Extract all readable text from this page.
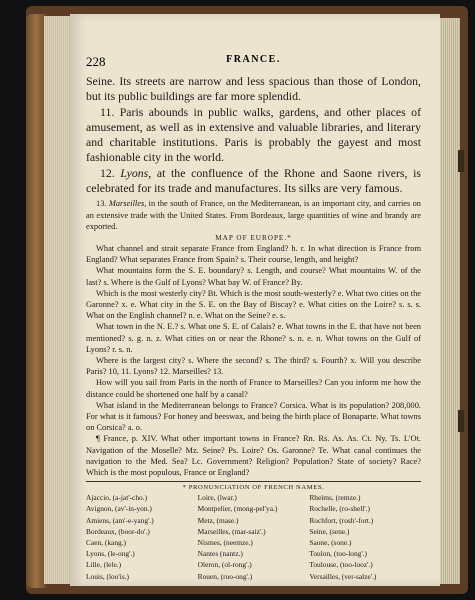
228	FRANCE.

Seine. Its streets are narrow and less spacious than those of London, but its public buildings are far more splendid.

11. Paris abounds in public walks, gardens, and other places of amusement, as well as in extensive and valuable libraries, and literary and charitable institutions. Paris is probably the gayest and most fashionable city in the world.

12. Lyons, at the confluence of the Rhone and Saone rivers, is celebrated for its trade and manufactures. Its silks are very famous.

13. Marseilles, in the south of France, on the Mediterranean, is an important city, and carries on an extensive trade with the United States. From Bordeaux, large quantities of wine and brandy are exported.

MAP OF EUROPE.*

What channel and strait separate France from England? h. r. In what direction is France from England? What separates France from Spain? s. Their course, length, and height?

What mountains form the S. E. boundary? s. Length, and course? What mountains W. of the last? s. Where is the Gulf of Lyons? What bay W. of France? By.

Which is the most westerly city? Bt. Which is the most south-westerly? e. What two cities on the Garonne? x. e. What city in the S. E. on the Bay of Biscay? e. What cities on the Loire? s. s. s. What on the English channel? n. e. What on the Seine? e. s.

What town in the N. E.? s. What one S. E. of Calais? e. What towns in the E. that have not been mentioned? s. g. n. z. What cities on or near the Rhone? s. n. e. n. What towns on the Gulf of Lyons? r. s. n.

Where is the largest city? s. Where the second? s. The third? s. Fourth? x. Will you describe Paris? 10, 11. Lyons? 12. Marseilles? 13.

How will you sail from Paris in the north of France to Marseilles? Can you inform me how the distance could be shortened one half by a canal?

What island in the Mediterranean belongs to France? Corsica. What is its population? 208,000. For what is it famous? For honey and beeswax, and being the birth place of Bonaparte. What towns on Corsica? a. o.

¶ France, p. XIV. What other important towns in France? Rn. Rs. As. As. Ct. Ny. Ts. L'Ot. Navigation of the Moselle? Mz. Seine? Ps. Loire? Os. Garonne? Te. What canal continues the navigation to the Med. Sea? Lc. Government? Religion? Population? State of society? Race? Which is the most populous, France or England?

* PRONUNCIATION OF FRENCH NAMES.
Ajaccio, (a-jat'-cho.)
Avignon, (av'-in-yon.)
Amiens, (am'-e-yang'.)
Bordeaux, (boor-do'.)
Caen, (kang.)
Lyons, (le-ong'.)
Lille, (lele.)
Louis, (loo'is.)
Loire, (lwar.)
Montpelier, (mong-pel'ya.)
Metz, (mase.)
Marseilles, (mar-saiz'.)
Nismes, (neemze.)
Nantes (nantz.)
Oleron, (ol-rong'.)
Rouen, (roo-ong'.)
Rheims, (remze.)
Rochelle, (ro-shell'.)
Rochfort, (rosh'-fort.)
Seine, (sene.)
Saone, (sone.)
Toulon, (too-long'.)
Toulouse, (too-looz'.)
Versailles, (ver-salze'.)
